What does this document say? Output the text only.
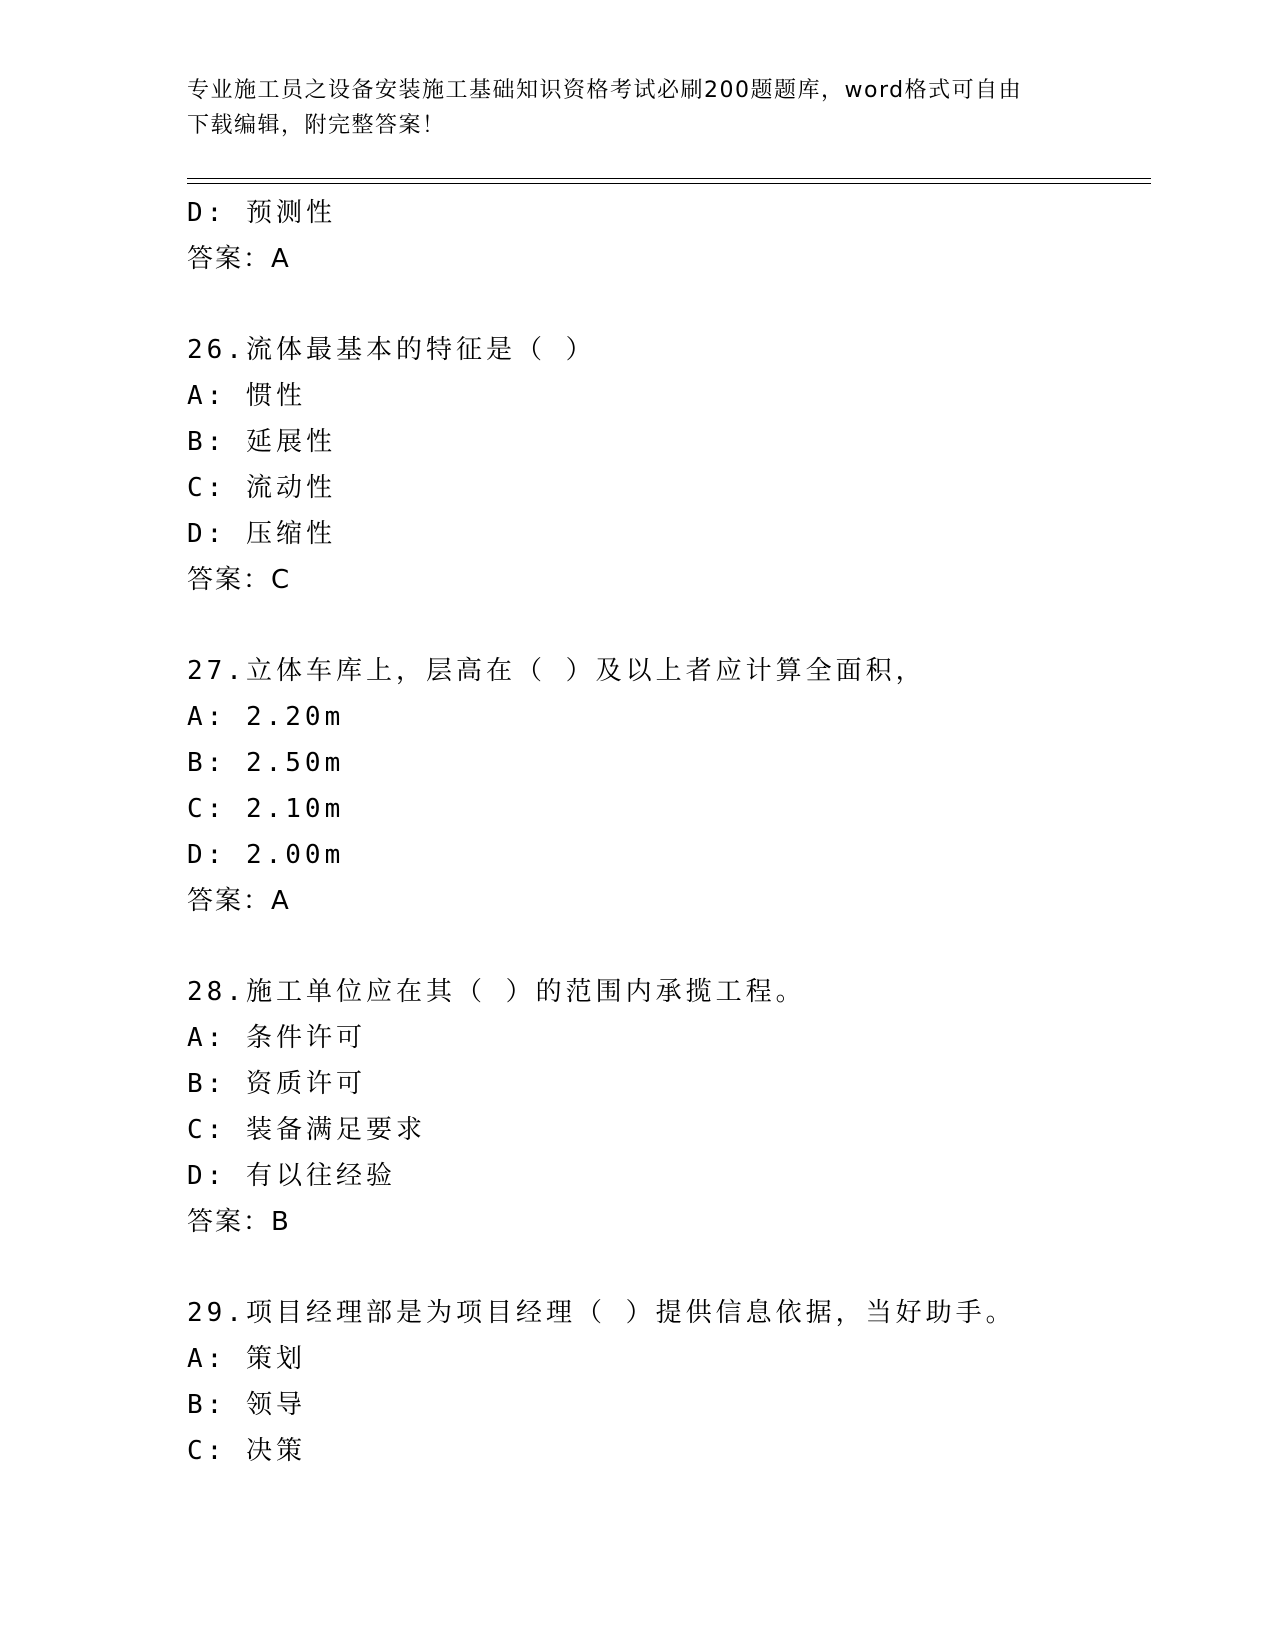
专业施工员之设备安装施工基础知识资格考试必刷200题题库，word格式可自由
下载编辑，附完整答案！
D: 预测性
答案：A
26.流体最基本的特征是（ ）
A: 惯性
B: 延展性
C: 流动性
D: 压缩性
答案：C
27.立体车库上，层高在（ ）及以上者应计算全面积，
A: 2.20m
B: 2.50m
C: 2.10m
D: 2.00m
答案：A
28.施工单位应在其（ ）的范围内承揽工程。
A: 条件许可
B: 资质许可
C: 装备满足要求
D: 有以往经验
答案：B
29.项目经理部是为项目经理（ ）提供信息依据，当好助手。
A: 策划
B: 领导
C: 决策
